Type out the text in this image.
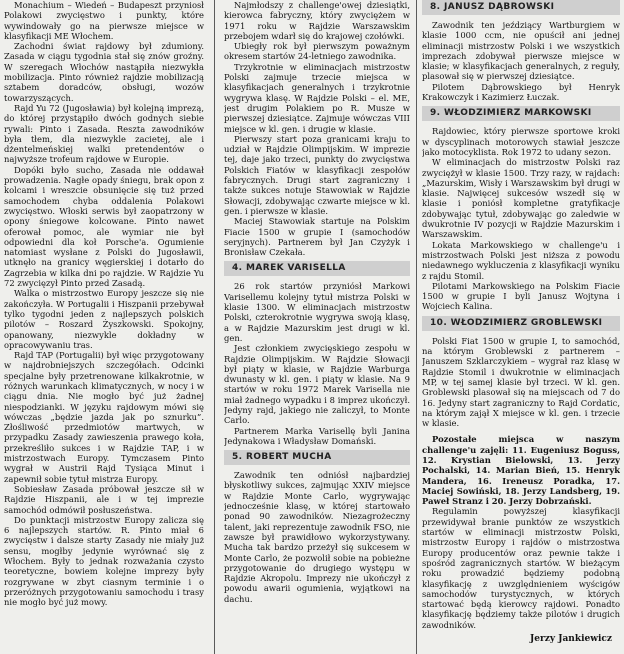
Monachium – Wiedeń – Budapeszt przyniosł Polakowi zwycięstwo i punkty, które wywindowały go na pierwsze miejsce w klasyfikacji ME Włochem.

Zachodni świat rajdowy był zdumiony. Zasada w ciągu tygodnia stał się znów groźny. W szeregach Włochów nastąpiła niezwykła mobilizacja. Pinto również rajdzie mobilizacją sztabem doradców, obsługi, wozów towarzyszących.

Rajd Yu 72 (Jugosławia) był kolejną imprezą, do której przystąpiło dwóch godnych siebie rywali: Pinto i Zasada. Reszta zawodników była tłem, dla niezwykle zacietej, ale i dżentelmeńskiej walki pretendentów o najwyższe trofeum rajdowe w Europie.

Dopóki było sucho, Zasada nie oddawał prowadzenia. Nagłe opady śniegu, brak opon z kolcami i wreszcie obsunięcie się tuż przed samochodem chyba oddalenia Polakowi zwycięstwo. Włoski serwis był zaopatrzony w opony śniegowe kolcowane. Pinto nawet oferował pomoc, ale wymiar nie był odpowiedni dla koł Porsche'a. Ogumienie natomiast wysłane z Polski do Jugosławii, utknęło na granicy węgierskiej i dotarło do Zagrzebia w kilka dni po rajdzie. W Rajdzie Yu 72 zwycięzył Pinto przed Zasadą.

Walka o mistrzostwo Europy jeszcze się nie zakończyła. W Portugalii i Hiszpanii przebywał tylko tygodni jeden z najlepszych polskich pilotów – Roszard Żyszkowski. Spokojny, opanowany, niezwykle dokładny w opracowywaniu tras.

Rajd TAP (Portugalii) był więc przygotowany w najdrobniejszych szczegółach. Odcinki specjalne były przetrenowane kilkakrotnie, w różnych warunkach klimatycznych, w nocy i w ciągu dnia. Nie mogło być już żadnej niespodzianki. W języku rajdowym mówi się wówczas „będzie jazda jak po sznurku”. Złośliwość przedmiotów martwych, w przypadku Zasady zawieszenia prawego koła, przekreśliło sukces i w Rajdzie TAP, i w mistrzostwach Europy. Tymczasem Pinto wygrał w Austrii Rajd Tysiąca Minut i zapewnił sobie tytuł mistrza Europy.

Sobiesław Zasada próbował jeszcze sił w Rajdzie Hiszpanii, ale i w tej imprezie samochód odmówił posłuszeństwa.

Do punktacji mistrzostw Europy zalicza się 6 najlepszych startów. R. Pinto miał 6 zwycięstw i dalsze starty Zasady nie miały już sensu, mogłby jedynie wyrównać się z Włochem. Były to jednak rozważania czysto teoretyczne, bowiem kolejne imprezy były rozgrywane w zbyt ciasnym terminie i o przeróżnych przygotowaniu samochodu i trasy nie mogło być już mowy.

Najmłodszy z challenge'owej dziesiątki, kierowca fabryczny, który zwyciężem w 1971 roku w Rajdzie Warszawskim przebojem wdarł się do krajowej czołówki.

Ubiegły rok był pierwszym poważnym okresem startów 24-letniego zawodnika.

Trzykrotnie w eliminacjach mistrzostw Polski zajmuje trzecie miejsca w klasyfikacjach generalnych i trzykrotnie wygrywa klasę. W Rajdzie Polski – el. ME, jest drugim Polakiem po R. Musze w pierwszej dziesiątce. Zajmuje wówczas VIII miejsce w kl. gen. i drugie w klasie.

Pierwszy start poza granicami kraju to udział w Rajdzie Olimpijskim. W imprezie tej, daje jako trzeci, punkty do zwycięstwa Polskich Fiatów w klasyfikacji zespołów fabrycznych. Drugi start zagraniczny i także sukces notuje Stawowiak w Rajdzie Słowacji, zdobywając czwarte miejsce w kl. gen. i pierwsze w klasie.

Maciej Stawowiak startuje na Polskim Fiacie 1500 w grupie I (samochodów seryjnych). Partnerem był Jan Czyżyk i Bronisław Czekała.

4. MAREK VARISELLA

26 rok startów przyniósł Markowi Varisellemu kolejny tytuł mistrza Polski w klasie 1300. W eliminacjach mistrzostw Polski, czterokrotnie wygrywa swoją klasę, a w Rajdzie Mazurskim jest drugi w kl. gen.

Jest członkiem zwycięskiego zespołu w Rajdzie Olimpijskim. W Rajdzie Słowacji był piąty w klasie, w Rajdzie Warburga dwunasty w kl. gen. i piąty w klasie. Na 9 startów w roku 1972 Marek Varisella nie miał żadnego wypadku i 8 imprez ukończył. Jedyny rajd, jakiego nie zaliczył, to Monte Carlo.

Partnerem Marka Varisellę byli Janina Jedynakowa i Władysław Domański.

5. ROBERT MUCHA

Zawodnik ten odniósł najbardziej błyskotliwy sukces, zajmując XXIV miejsce w Rajdzie Monte Carlo, wygrywając jednocześnie klasę, w której startowało ponad 90 zawodników. Niezagrożeczny talent, jaki reprezentuje zawodnik FSO, nie zawsze był prawidłowo wykorzystywany. Mucha tak bardzo przeżył się sukcesem w Monte Carlo, że pozwolił sobie na pobieżne przygotowanie do drugiego występu w Rajdzie Akropolu. Imprezy nie ukończył z powodu awarii ogumienia, wyjątkowi na dachu.

8. JANUSZ DĄBROWSKI

Zawodnik ten jeździący Wartburgiem w klasie 1000 ccm, nie opuścił ani jednej eliminacji mistrzostw Polski i we wszystkich imprezach zdobywał pierwsze miejsce w klasie; w klasyfikacjach generalnych, z reguły, plasował się w pierwszej dziesiątce.

Pilotem Dąbrowskiego był Henryk Krakowczyk i Kazimierz Łuczak.

9. WŁODZIMIERZ MARKOWSKI

Rajdowiec, który pierwsze sportowe kroki w dyscyplinach motorowych stawiał jeszcze jako motocyklista. Rok 1972 to udany sezon.

W eliminacjach do mistrzostw Polski raz zwyciężył w klasie 1500. Trzy razy, w rajdach: „Mazurskim, Wisły i Warszawskim był drugi w klasie. Najwięcej sukcesów wszedł się w klasie i poniósł kompletne gratyfikacje zdobywając tytuł, zdobywając go zaledwie w dwukrotnie IV pozycji w Rajdzie Mazurskim i Warszawskim.

Lokata Markowskiego w challenge'u i mistrzostwach Polski jest niższa z powodu niedawnego wykluczenia z klasyfikacji wyniku z rajdu Stomil.

Pilotami Markowskiego na Polskim Fiacie 1500 w grupie I byli Janusz Wojtyna i Wojciech Kalina.

10. WŁODZIMIERZ GROBLEWSKI

Polski Fiat 1500 w grupie I, to samochód, na którym Groblewski z partnerem – Januszem Szklarczykiem – wygrał raz klasę w Rajdzie Stomil i dwukrotnie w eliminacjach MP, w tej samej klasie był trzeci. W kl. gen. Groblewski plasował się na miejscach od 7 do 16. Jedyny start zagraniczny to Rajd Cordatic, na którym zajął X miejsce w kl. gen. i trzecie w klasie.

Pozostałe miejsca w naszym challenge'u zajęli: 11. Eugeniusz Boguss, 12. Krystian Bielowski, 13. Jerzy Pochalski, 14. Marian Bień, 15. Henryk Mandera, 16. Ireneusz Poradka, 17. Maciej Sowiński, 18. Jerzy Landsberg, 19. Paweł Stranz i 20. Jerzy Dobrzański.

Regulamin powyższej klasyfikacji przewidywał branie punktów ze wszystkich startów w eliminacji mistrzostw Polski, mistrzostw Europy i rajdów o mistrzostwa Europy producentów oraz pewnie także i spośród zagranicznych startów. W bieżącym roku prowadzić będziemy podobną klasyfikację z uwzględnieniem wyścigów samochodów turystycznych, w których startować będą kierowcy rajdowi. Ponadto klasyfikację będziemy także pilotów i drugich zawodników.

Jerzy Jankiewicz
